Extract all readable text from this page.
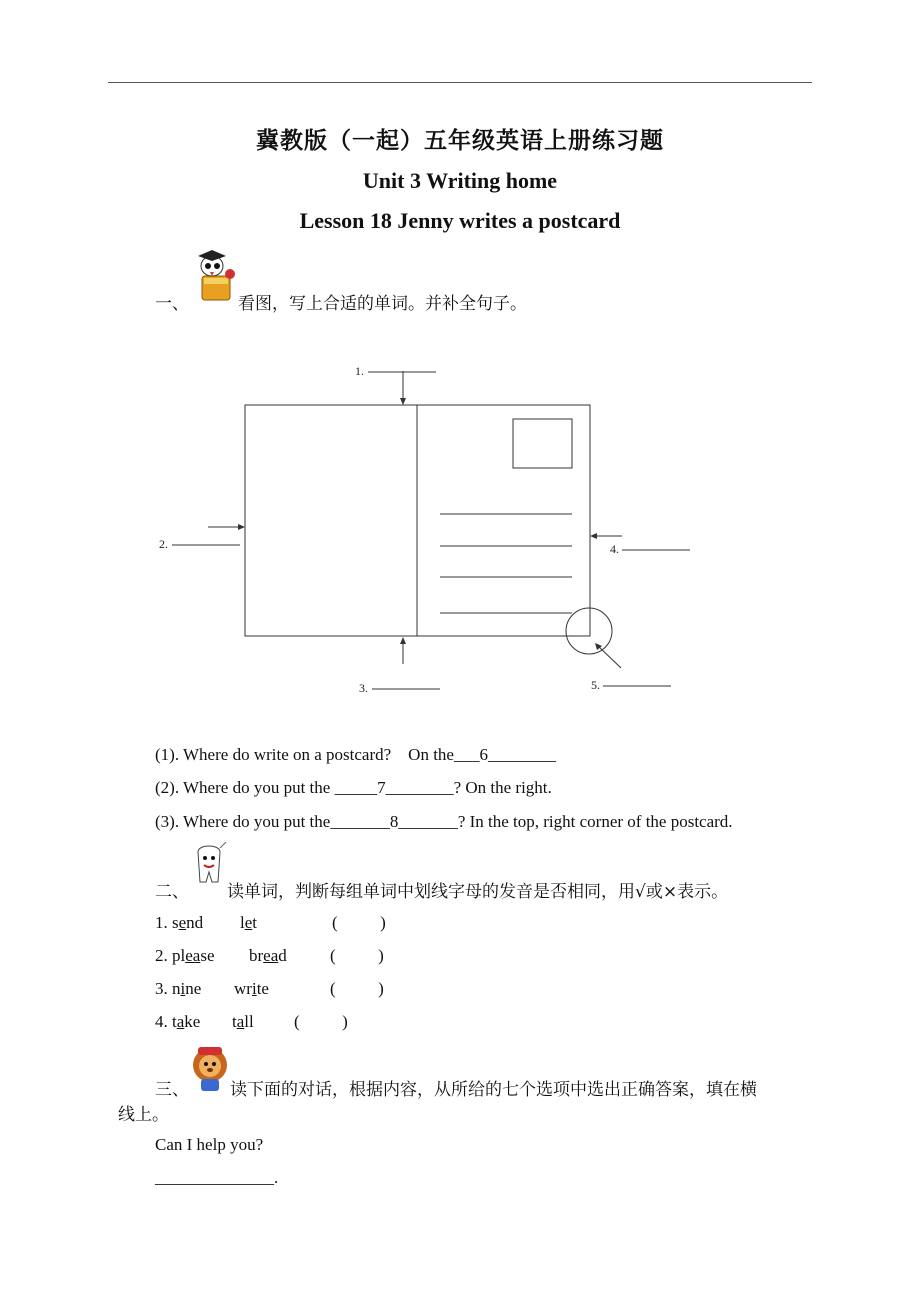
冀教版（一起）五年级英语上册练习题
Unit 3 Writing home
Lesson 18 Jenny writes a postcard
一、	看图，写上合适的单词。并补全句子。
1.
2.
3.
4.
5.
(1). Where do write on a postcard?    On the___6________
(2). Where do you put the _____7________? On the right.
(3). Where do you put the_______8_______? In the top, right corner of the postcard.
二、 读单词，判断每组单词中划线字母的发音是否相同，用√或×表示。
1. send let	(          )
2. please bread	(          )
3. nine write	(          )
4. take tall (          )
三、 读下面的对话，根据内容，从所给的七个选项中选出正确答案，填在横
线上。
Can I help you?
______________.
